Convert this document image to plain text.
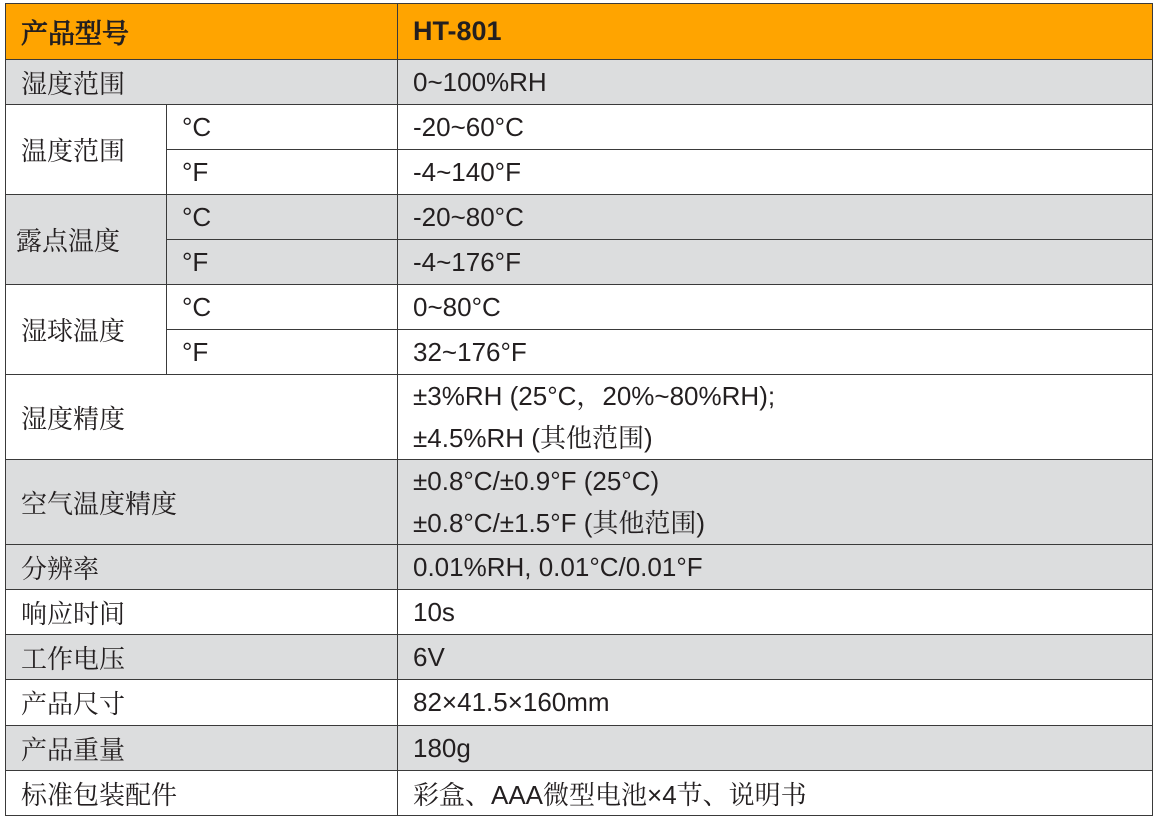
产品型号		HT-801
湿度范围		0~100%RH
温度范围	°C	-20~60°C
	°F	-4~140°F
露点温度	°C	-20~80°C
	°F	-4~176°F
湿球温度	°C	0~80°C
	°F	32~176°F
湿度精度		±3%RH (25°C，20%~80%RH);
±4.5%RH (其他范围)

空气温度精度		±0.8°C/±0.9°F (25°C)
±0.8°C/±1.5°F (其他范围)

分辨率		0.01%RH, 0.01°C/0.01°F
响应时间		10s
工作电压		6V
产品尺寸		82×41.5×160mm
产品重量		180g
标准包装配件		彩盒、AAA微型电池×4节、说明书
